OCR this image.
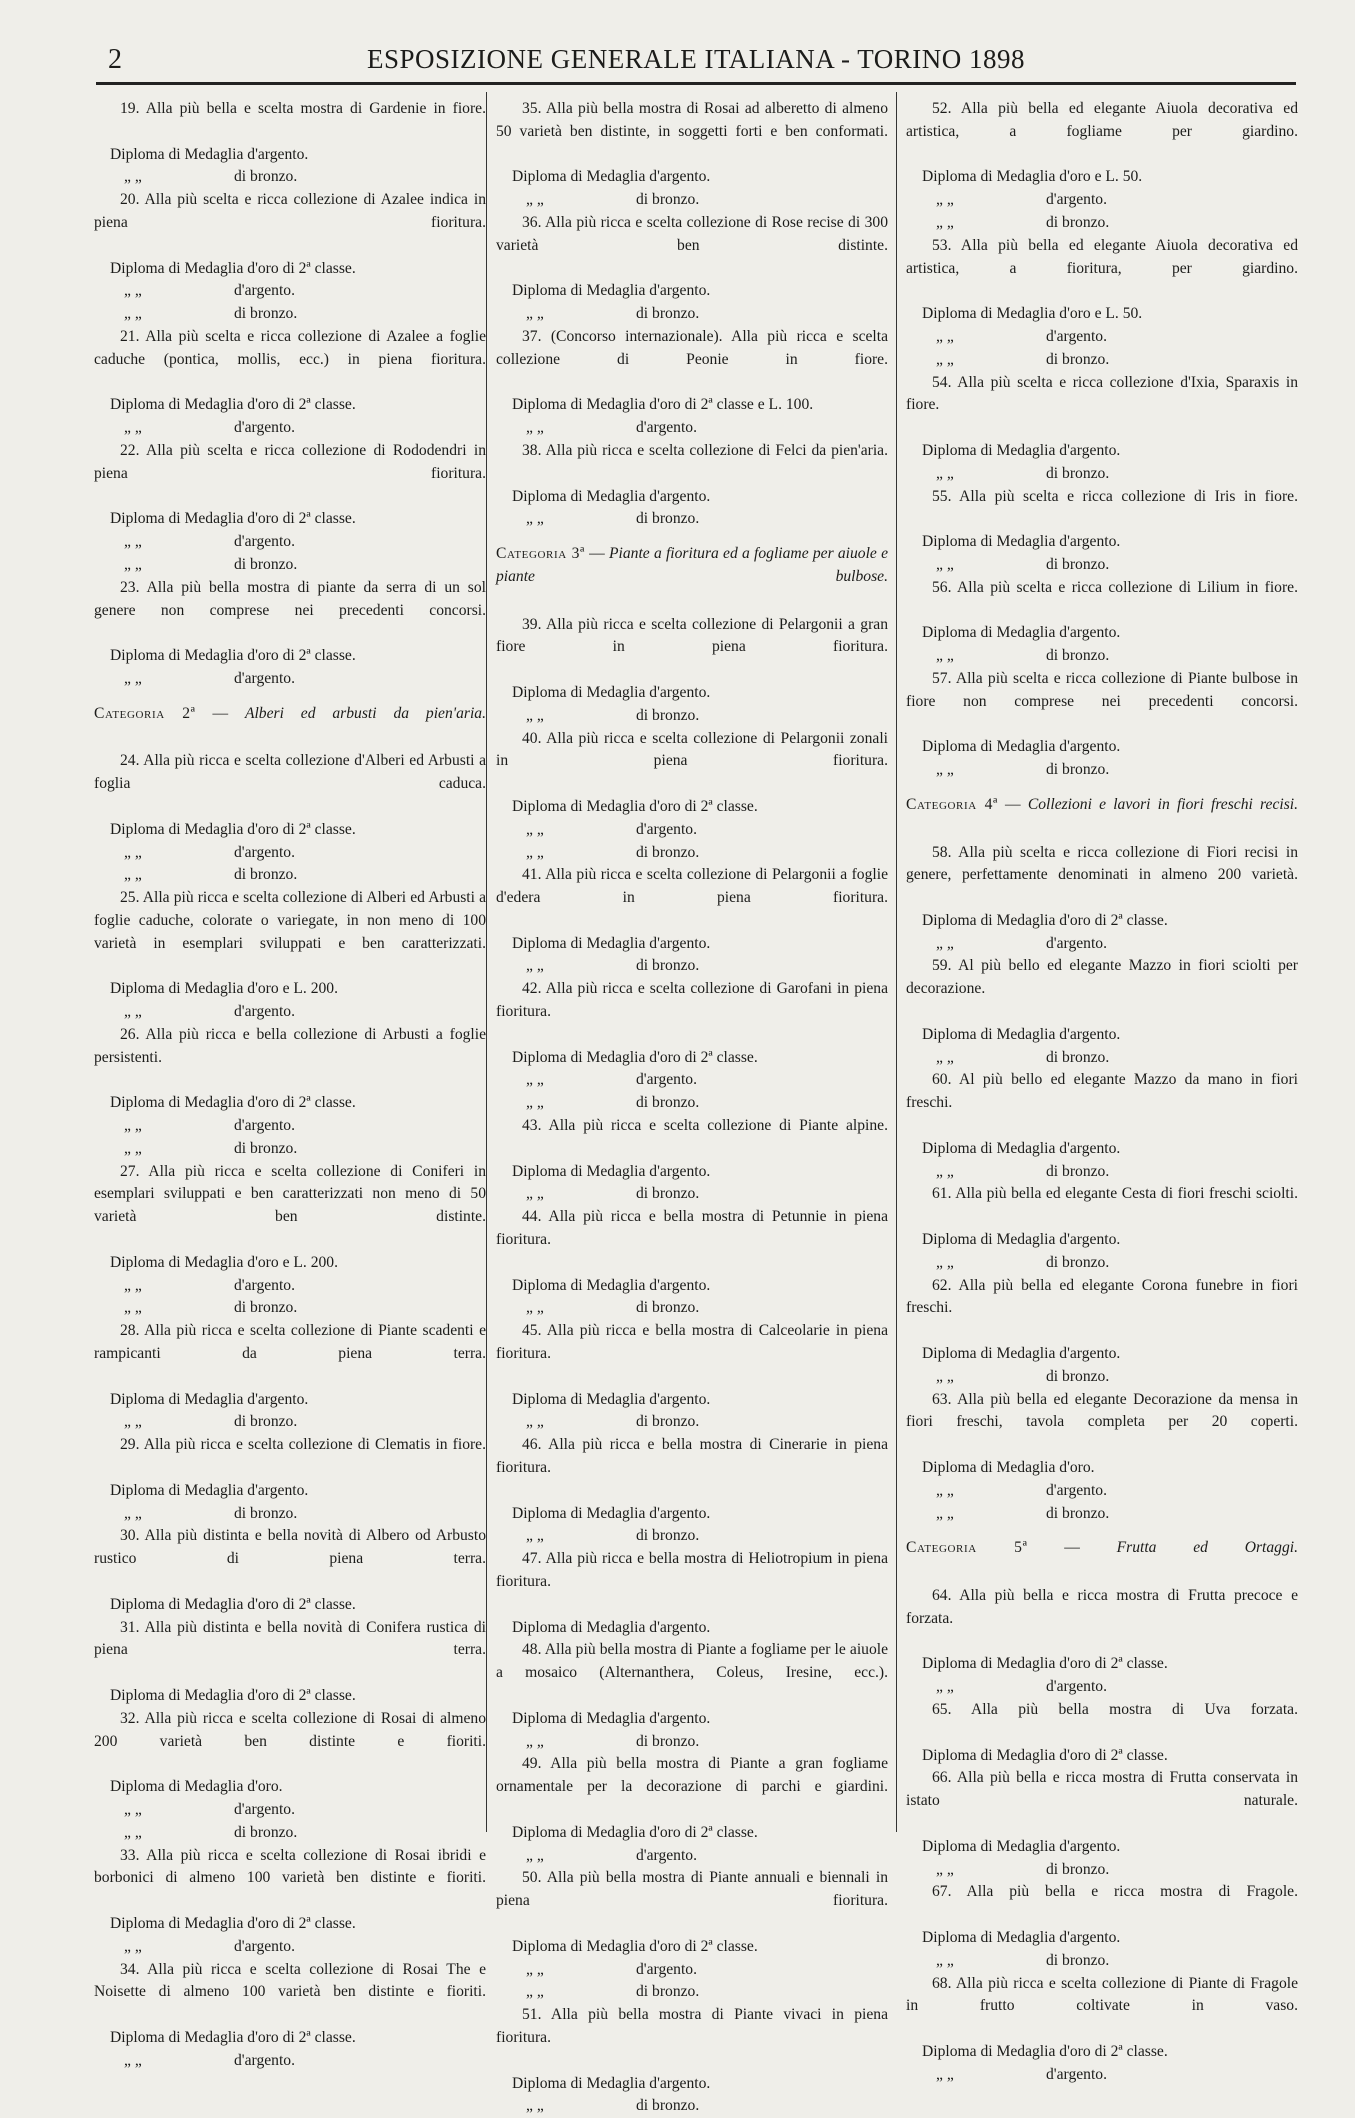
2	ESPOSIZIONE GENERALE ITALIANA - TORINO 1898
19. Alla più bella e scelta mostra di Gardenie in fiore.
Diploma di Medaglia d'argento.
„ „	di bronzo.
20. Alla più scelta e ricca collezione di Azalee indica in piena fioritura.
Diploma di Medaglia d'oro di 2ª classe.
„ „	d'argento.
„ „	di bronzo.
21. Alla più scelta e ricca collezione di Azalee a foglie caduche (pontica, mollis, ecc.) in piena fioritura.
Diploma di Medaglia d'oro di 2ª classe.
„ „	d'argento.
22. Alla più scelta e ricca collezione di Rododendri in piena fioritura.
Diploma di Medaglia d'oro di 2ª classe.
„ „	d'argento.
„ „	di bronzo.
23. Alla più bella mostra di piante da serra di un sol genere non comprese nei precedenti concorsi.
Diploma di Medaglia d'oro di 2ª classe.
„ „	d'argento.
Categoria 2ª — Alberi ed arbusti da pien'aria.
24. Alla più ricca e scelta collezione d'Alberi ed Arbusti a foglia caduca.
Diploma di Medaglia d'oro di 2ª classe.
„ „	d'argento.
„ „	di bronzo.
25. Alla più ricca e scelta collezione di Alberi ed Arbusti a foglie caduche, colorate o variegate, in non meno di 100 varietà in esemplari sviluppati e ben caratterizzati.
Diploma di Medaglia d'oro e L. 200.
„ „	d'argento.
26. Alla più ricca e bella collezione di Arbusti a foglie persistenti.
Diploma di Medaglia d'oro di 2ª classe.
„ „	d'argento.
„ „	di bronzo.
27. Alla più ricca e scelta collezione di Coniferi in esemplari sviluppati e ben caratterizzati non meno di 50 varietà ben distinte.
Diploma di Medaglia d'oro e L. 200.
„ „	d'argento.
„ „	di bronzo.
28. Alla più ricca e scelta collezione di Piante scadenti e rampicanti da piena terra.
Diploma di Medaglia d'argento.
„ „	di bronzo.
29. Alla più ricca e scelta collezione di Clematis in fiore.
Diploma di Medaglia d'argento.
„ „	di bronzo.
30. Alla più distinta e bella novità di Albero od Arbusto rustico di piena terra.
Diploma di Medaglia d'oro di 2ª classe.
31. Alla più distinta e bella novità di Conifera rustica di piena terra.
Diploma di Medaglia d'oro di 2ª classe.
32. Alla più ricca e scelta collezione di Rosai di almeno 200 varietà ben distinte e fioriti.
Diploma di Medaglia d'oro.
„ „	d'argento.
„ „	di bronzo.
33. Alla più ricca e scelta collezione di Rosai ibridi e borbonici di almeno 100 varietà ben distinte e fioriti.
Diploma di Medaglia d'oro di 2ª classe.
„ „	d'argento.
34. Alla più ricca e scelta collezione di Rosai The e Noisette di almeno 100 varietà ben distinte e fioriti.
Diploma di Medaglia d'oro di 2ª classe.
„ „	d'argento.
35. Alla più bella mostra di Rosai ad alberetto di almeno 50 varietà ben distinte, in soggetti forti e ben conformati.
Diploma di Medaglia d'argento.
„ „	di bronzo.
36. Alla più ricca e scelta collezione di Rose recise di 300 varietà ben distinte.
Diploma di Medaglia d'argento.
„ „	di bronzo.
37. (Concorso internazionale). Alla più ricca e scelta collezione di Peonie in fiore.
Diploma di Medaglia d'oro di 2ª classe e L. 100.
„ „	d'argento.
38. Alla più ricca e scelta collezione di Felci da pien'aria.
Diploma di Medaglia d'argento.
„ „	di bronzo.
Categoria 3ª — Piante a fioritura ed a fogliame per aiuole e piante bulbose.
39. Alla più ricca e scelta collezione di Pelargonii a gran fiore in piena fioritura.
Diploma di Medaglia d'argento.
„ „	di bronzo.
40. Alla più ricca e scelta collezione di Pelargonii zonali in piena fioritura.
Diploma di Medaglia d'oro di 2ª classe.
„ „	d'argento.
„ „	di bronzo.
41. Alla più ricca e scelta collezione di Pelargonii a foglie d'edera in piena fioritura.
Diploma di Medaglia d'argento.
„ „	di bronzo.
42. Alla più ricca e scelta collezione di Garofani in piena fioritura.
Diploma di Medaglia d'oro di 2ª classe.
„ „	d'argento.
„ „	di bronzo.
43. Alla più ricca e scelta collezione di Piante alpine.
Diploma di Medaglia d'argento.
„ „	di bronzo.
44. Alla più ricca e bella mostra di Petunnie in piena fioritura.
Diploma di Medaglia d'argento.
„ „	di bronzo.
45. Alla più ricca e bella mostra di Calceolarie in piena fioritura.
Diploma di Medaglia d'argento.
„ „	di bronzo.
46. Alla più ricca e bella mostra di Cinerarie in piena fioritura.
Diploma di Medaglia d'argento.
„ „	di bronzo.
47. Alla più ricca e bella mostra di Heliotropium in piena fioritura.
Diploma di Medaglia d'argento.
48. Alla più bella mostra di Piante a fogliame per le aiuole a mosaico (Alternanthera, Coleus, Iresine, ecc.).
Diploma di Medaglia d'argento.
„ „	di bronzo.
49. Alla più bella mostra di Piante a gran fogliame ornamentale per la decorazione di parchi e giardini.
Diploma di Medaglia d'oro di 2ª classe.
„ „	d'argento.
50. Alla più bella mostra di Piante annuali e biennali in piena fioritura.
Diploma di Medaglia d'oro di 2ª classe.
„ „	d'argento.
„ „	di bronzo.
51. Alla più bella mostra di Piante vivaci in piena fioritura.
Diploma di Medaglia d'argento.
„ „	di bronzo.
52. Alla più bella ed elegante Aiuola decorativa ed artistica, a fogliame per giardino.
Diploma di Medaglia d'oro e L. 50.
„ „	d'argento.
„ „	di bronzo.
53. Alla più bella ed elegante Aiuola decorativa ed artistica, a fioritura, per giardino.
Diploma di Medaglia d'oro e L. 50.
„ „	d'argento.
„ „	di bronzo.
54. Alla più scelta e ricca collezione d'Ixia, Sparaxis in fiore.
Diploma di Medaglia d'argento.
„ „	di bronzo.
55. Alla più scelta e ricca collezione di Iris in fiore.
Diploma di Medaglia d'argento.
„ „	di bronzo.
56. Alla più scelta e ricca collezione di Lilium in fiore.
Diploma di Medaglia d'argento.
„ „	di bronzo.
57. Alla più scelta e ricca collezione di Piante bulbose in fiore non comprese nei precedenti concorsi.
Diploma di Medaglia d'argento.
„ „	di bronzo.
Categoria 4ª — Collezioni e lavori in fiori freschi recisi.
58. Alla più scelta e ricca collezione di Fiori recisi in genere, perfettamente denominati in almeno 200 varietà.
Diploma di Medaglia d'oro di 2ª classe.
„ „	d'argento.
59. Al più bello ed elegante Mazzo in fiori sciolti per decorazione.
Diploma di Medaglia d'argento.
„ „	di bronzo.
60. Al più bello ed elegante Mazzo da mano in fiori freschi.
Diploma di Medaglia d'argento.
„ „	di bronzo.
61. Alla più bella ed elegante Cesta di fiori freschi sciolti.
Diploma di Medaglia d'argento.
„ „	di bronzo.
62. Alla più bella ed elegante Corona funebre in fiori freschi.
Diploma di Medaglia d'argento.
„ „	di bronzo.
63. Alla più bella ed elegante Decorazione da mensa in fiori freschi, tavola completa per 20 coperti.
Diploma di Medaglia d'oro.
„ „	d'argento.
„ „	di bronzo.
Categoria 5ª — Frutta ed Ortaggi.
64. Alla più bella e ricca mostra di Frutta precoce e forzata.
Diploma di Medaglia d'oro di 2ª classe.
„ „	d'argento.
65. Alla più bella mostra di Uva forzata.
Diploma di Medaglia d'oro di 2ª classe.
66. Alla più bella e ricca mostra di Frutta conservata in istato naturale.
Diploma di Medaglia d'argento.
„ „	di bronzo.
67. Alla più bella e ricca mostra di Fragole.
Diploma di Medaglia d'argento.
„ „	di bronzo.
68. Alla più ricca e scelta collezione di Piante di Fragole in frutto coltivate in vaso.
Diploma di Medaglia d'oro di 2ª classe.
„ „	d'argento.
